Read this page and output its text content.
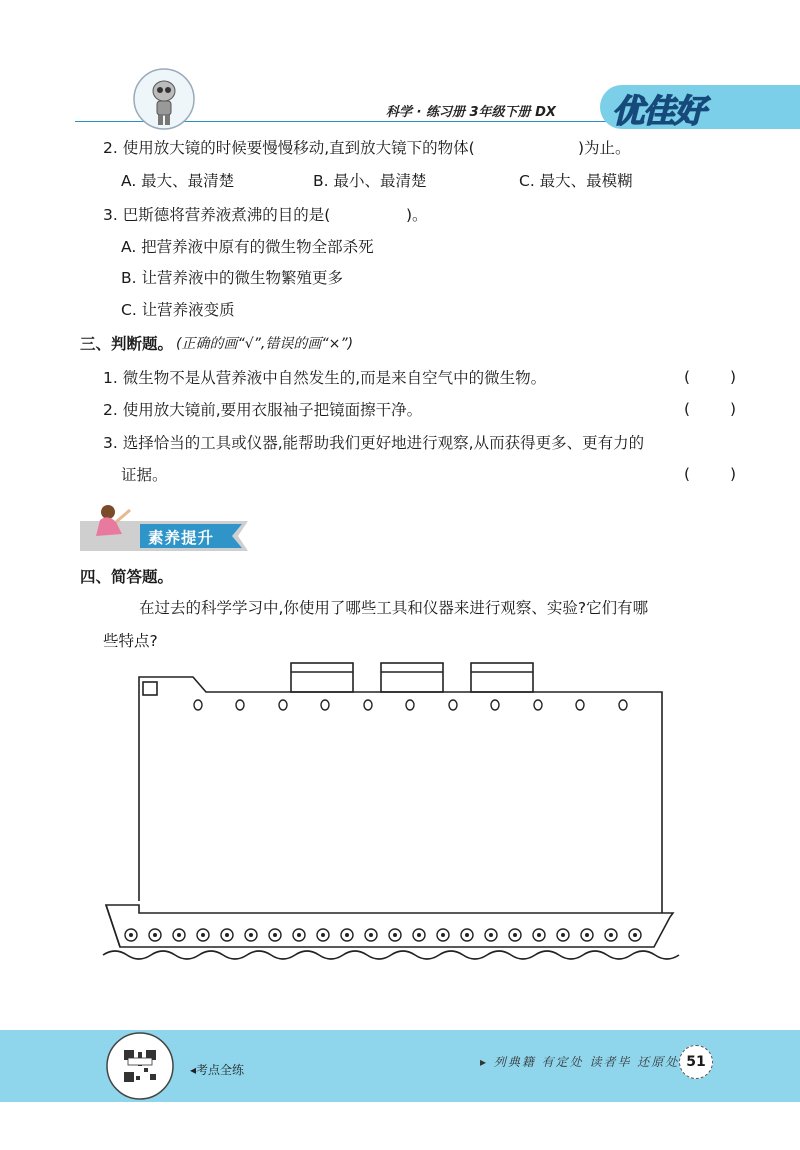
优佳好
科学 · 练习册 3年级下册 DX
2. 使用放大镜的时候要慢慢移动,直到放大镜下的物体(	)为止。
A. 最大、最清楚	B. 最小、最清楚	C. 最大、最模糊
3. 巴斯德将营养液煮沸的目的是(	)。
A. 把营养液中原有的微生物全部杀死
B. 让营养液中的微生物繁殖更多
C. 让营养液变质
三、判断题。 (正确的画“√”,错误的画“×”)
1. 微生物不是从营养液中自然发生的,而是来自空气中的微生物。	(	)
2. 使用放大镜前,要用衣服袖子把镜面擦干净。	(	)
3. 选择恰当的工具或仪器,能帮助我们更好地进行观察,从而获得更多、更有力的
证据。	(	)
素养提升
四、简答题。
在过去的科学学习中,你使用了哪些工具和仪器来进行观察、实验?它们有哪
些特点?
◂考点全练
▸ 列典籍 有定处 读者毕 还原处 51
